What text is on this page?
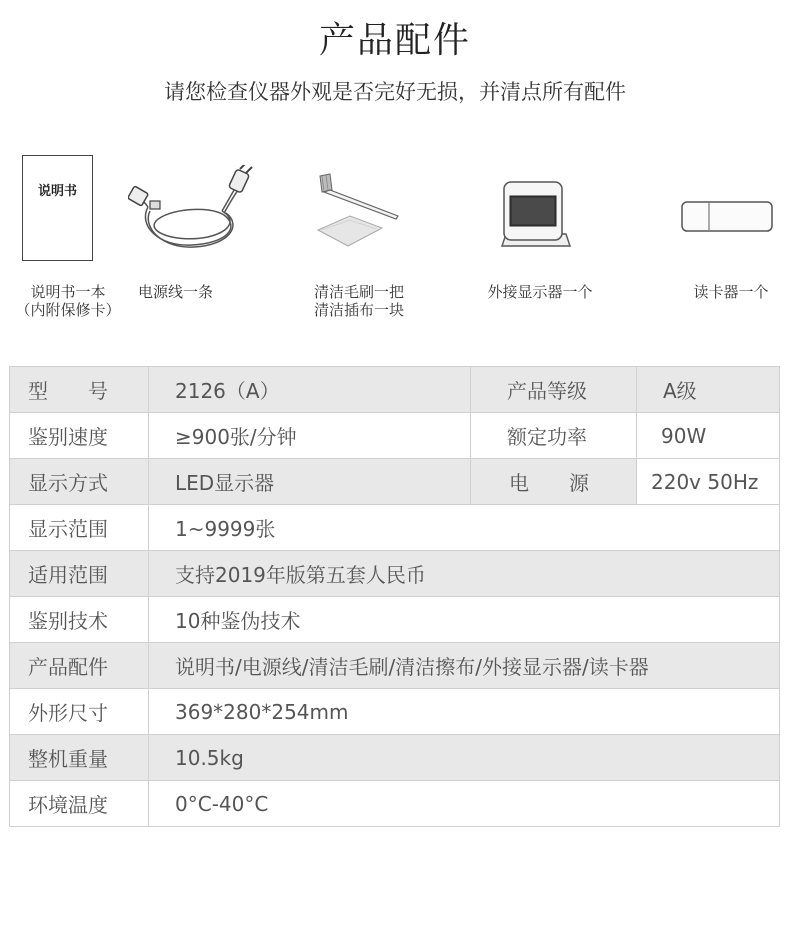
产品配件
请您检查仪器外观是否完好无损，并清点所有配件
说明书
说明书一本
（内附保修卡）
电源线一条	清洁毛刷一把
清洁插布一块
外接显示器一个	读卡器一个
型　　号	2126（A）	产品等级	A级
鉴别速度	≥900张/分钟	额定功率	90W
显示方式	LED显示器	电　　源	220v 50Hz
显示范围	1~9999张		
适用范围	支持2019年版第五套人民币		
鉴别技术	10种鉴伪技术		
产品配件	说明书/电源线/清洁毛刷/清洁擦布/外接显示器/读卡器		
外形尺寸	369*280*254mm		
整机重量	10.5kg		
环境温度	0°C-40°C		
